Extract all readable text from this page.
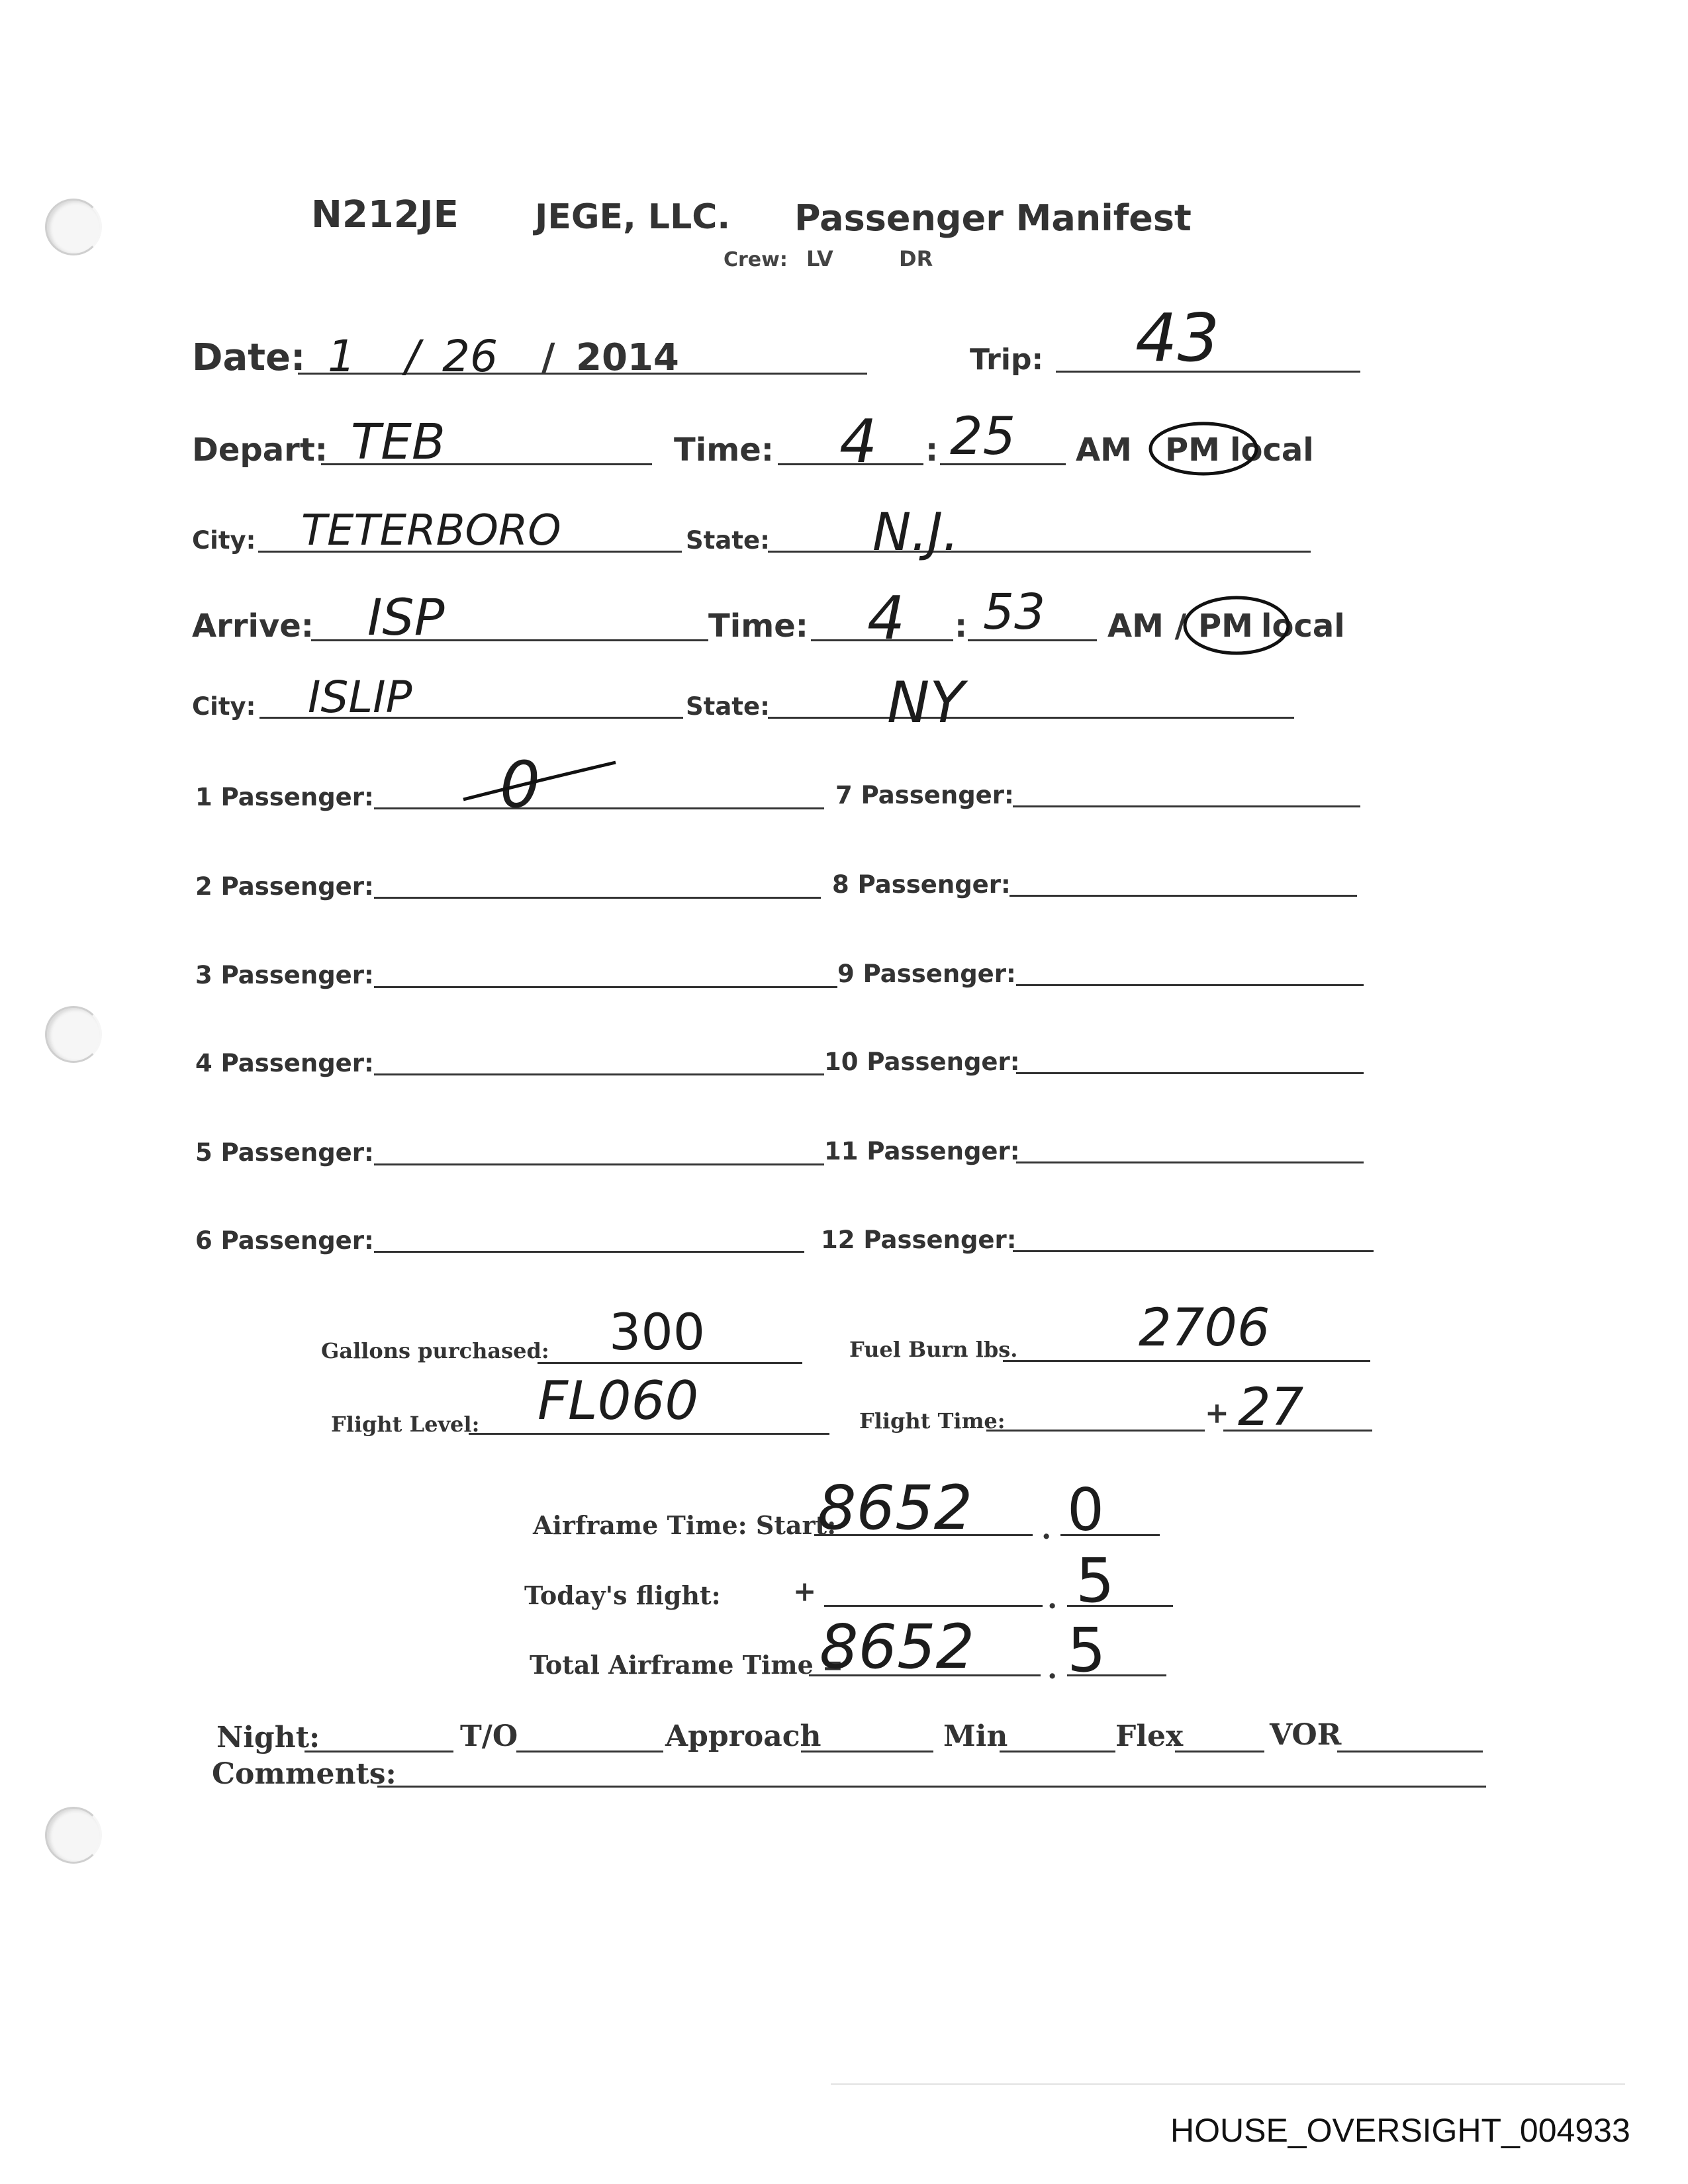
N212JE JEGE, LLC. Passenger Manifest
Crew: LV	DR
Date: 1 / 26 / 2014	Trip: 43
Depart: TEB	Time: 4 : 25 AM PM local
City: TETERBORO	State: N.J.
Arrive: ISP	Time: 4 : 53 AM / PM local
City: ISLIP	State: NY
1 Passenger: 0
2 Passenger:
3 Passenger:
4 Passenger:
5 Passenger:
6 Passenger:
7 Passenger:
8 Passenger:
9 Passenger:
10 Passenger:
11 Passenger:
12 Passenger:
Gallons purchased: 300	Fuel Burn lbs. 2706
Flight Level: FL060	Flight Time:	+ 27
Airframe Time: Start:
8652 . 0
Today's flight:	+	. 5
Total Airframe Time =
8652 . 5
Night:	T/O	Approach	Min	Flex	VOR
Comments:
HOUSE_OVERSIGHT_004933
